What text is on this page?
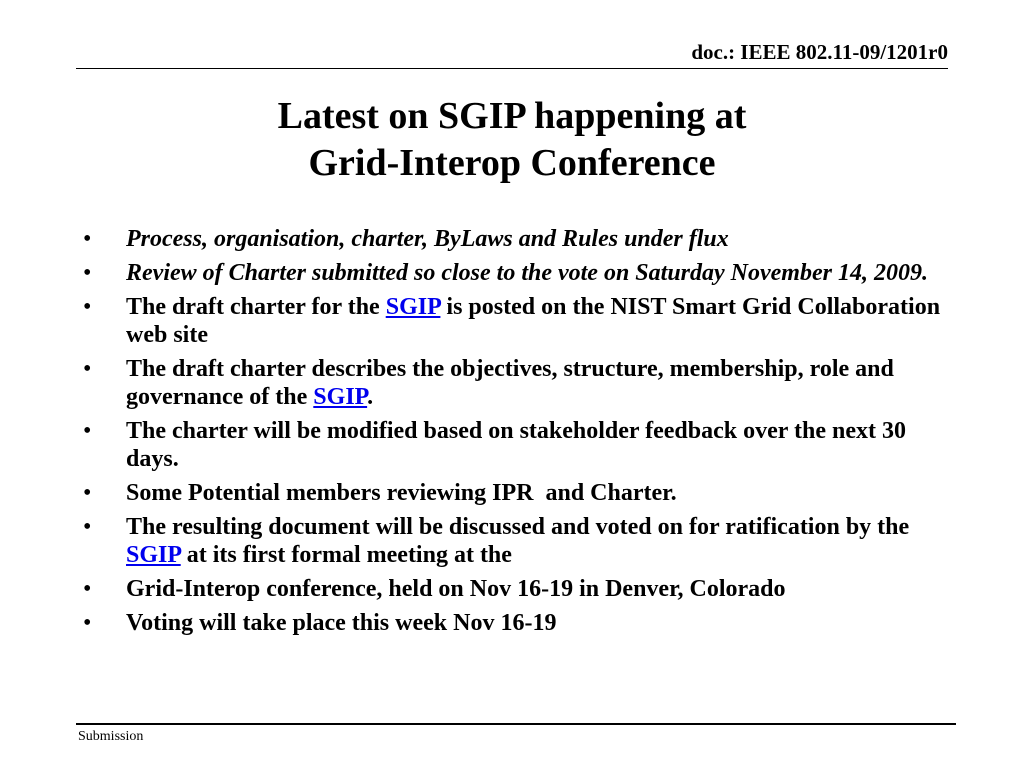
doc.: IEEE 802.11-09/1201r0
Latest on SGIP happening at
Grid-Interop Conference
• Process, organisation, charter, ByLaws and Rules under flux
• Review of Charter submitted so close to the vote on Saturday November 14, 2009.
• The draft charter for the SGIP is posted on the NIST Smart Grid Collaboration web site
• The draft charter describes the objectives, structure, membership, role and governance of the SGIP.
• The charter will be modified based on stakeholder feedback over the next 30 days.
• Some Potential members reviewing IPR  and Charter.
• The resulting document will be discussed and voted on for ratification by the SGIP at its first formal meeting at the
• Grid-Interop conference, held on Nov 16-19 in Denver, Colorado
• Voting will take place this week Nov 16-19
Submission
